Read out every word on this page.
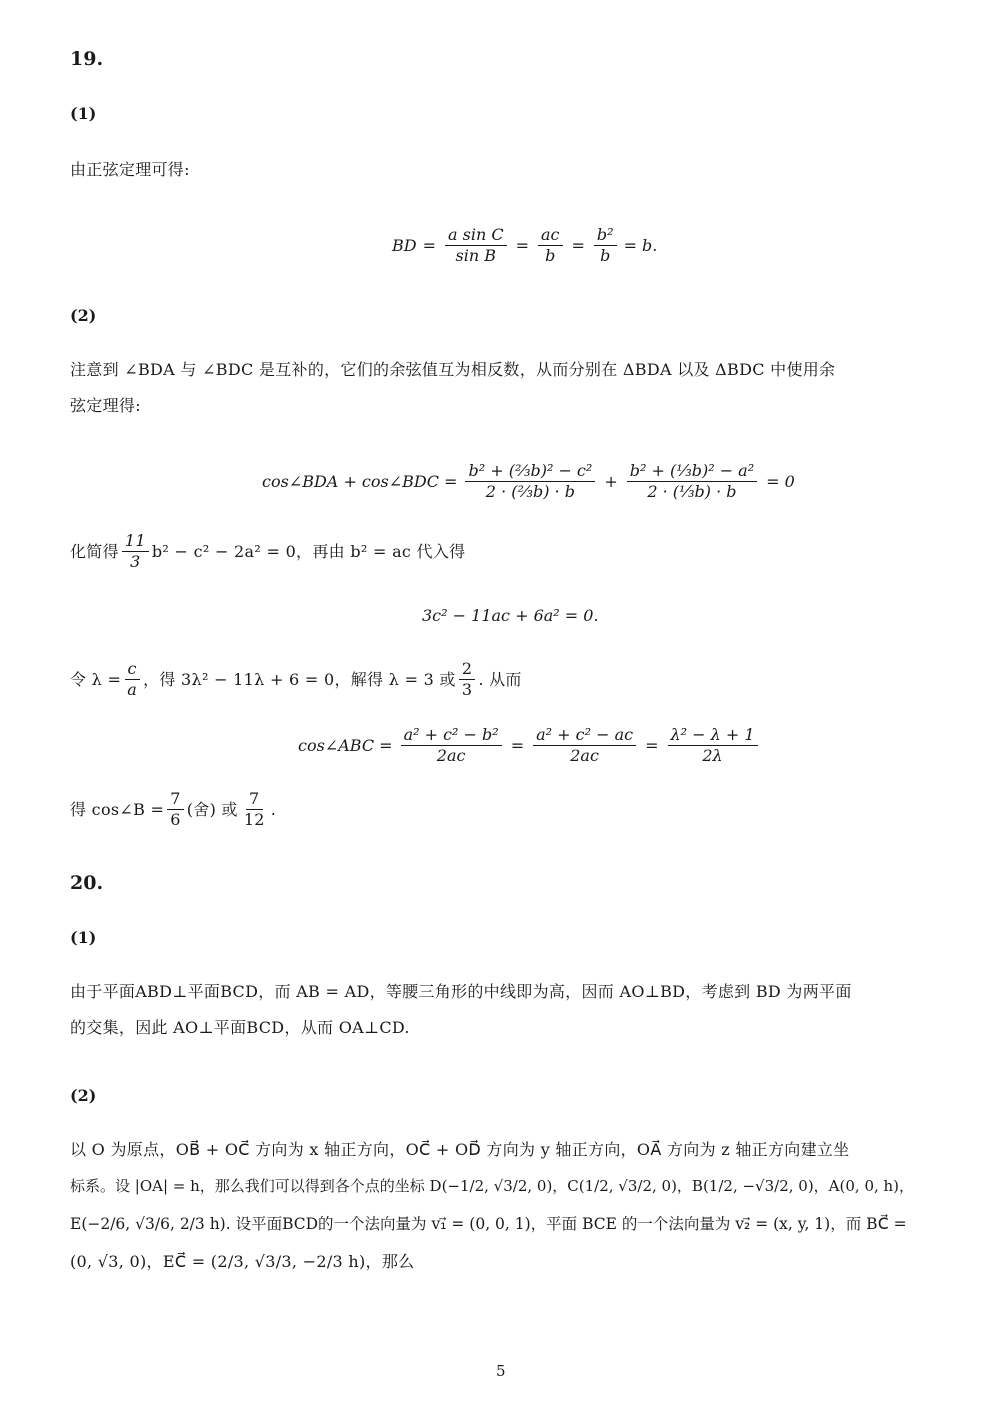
19.
(1)
由正弦定理可得:
BD = $\frac{\text{a sin C}}{\text{sin B}} = \frac{ac}{b} = \frac{\text{b²}}{b} = b$.
(2)
注意到 ∠BDA 与 ∠BDC 是互补的，它们的余弦值互为相反数，从而分别在 ΔBDA 以及 ΔBDC 中使用余
弦定理得:
cos∠BDA + cos∠BDC = $\frac{\text{b² + (⅔b)² − c²}}{\text{2 · (⅔b) · b}} + \frac{\text{b² + (⅓b)² − a²}}{\text{2 · (⅓b) · b}} = 0$
化简得 $\frac{11}{3} b^2 - c^2 - 2a^2 = 0$，再由 b² = ac 代入得
3c² − 11ac + 6a² = 0.
令 $\lambda = \frac{c}{a}$ ，得 3λ² − 11λ + 6 = 0，解得 λ = 3 或 $\frac{2}{3}$ . 从而
cos∠ABC = $\frac{\text{a² + c² − b²}}{2ac} = \frac{\text{a² + c² − ac}}{2ac} = \frac{\text{λ² − λ + 1}}{2\lambda}$
得 cos∠B = $\frac{7}{6}$ (舍) 或 $\frac{7}{12}$ .
20.
(1)
由于平面ABD⊥平面BCD，而 AB = AD，等腰三角形的中线即为高，因而 AO⊥BD，考虑到 BD 为两平面
的交集，因此 AO⊥平面BCD，从而 OA⊥CD.
(2)
以 O 为原点，OB⃗ + OC⃗ 方向为 x 轴正方向，OC⃗ + OD⃗ 方向为 y 轴正方向，OA⃗ 方向为 z 轴正方向建立坐
标系。设 |OA| = h，那么我们可以得到各个点的坐标 D(−1/2, √3/2, 0)，C(1/2, √3/2, 0)，B(1/2, −√3/2, 0)，A(0, 0, h)，
E(−2/6, √3/6, 2/3 h). 设平面BCD的一个法向量为 v₁⃗ = (0, 0, 1)，平面 BCE 的一个法向量为 v₂⃗ = (x, y, 1)，而 BC⃗ =
(0, √3, 0)，EC⃗ = (2/3, √3/3, −2/3 h)，那么
5
